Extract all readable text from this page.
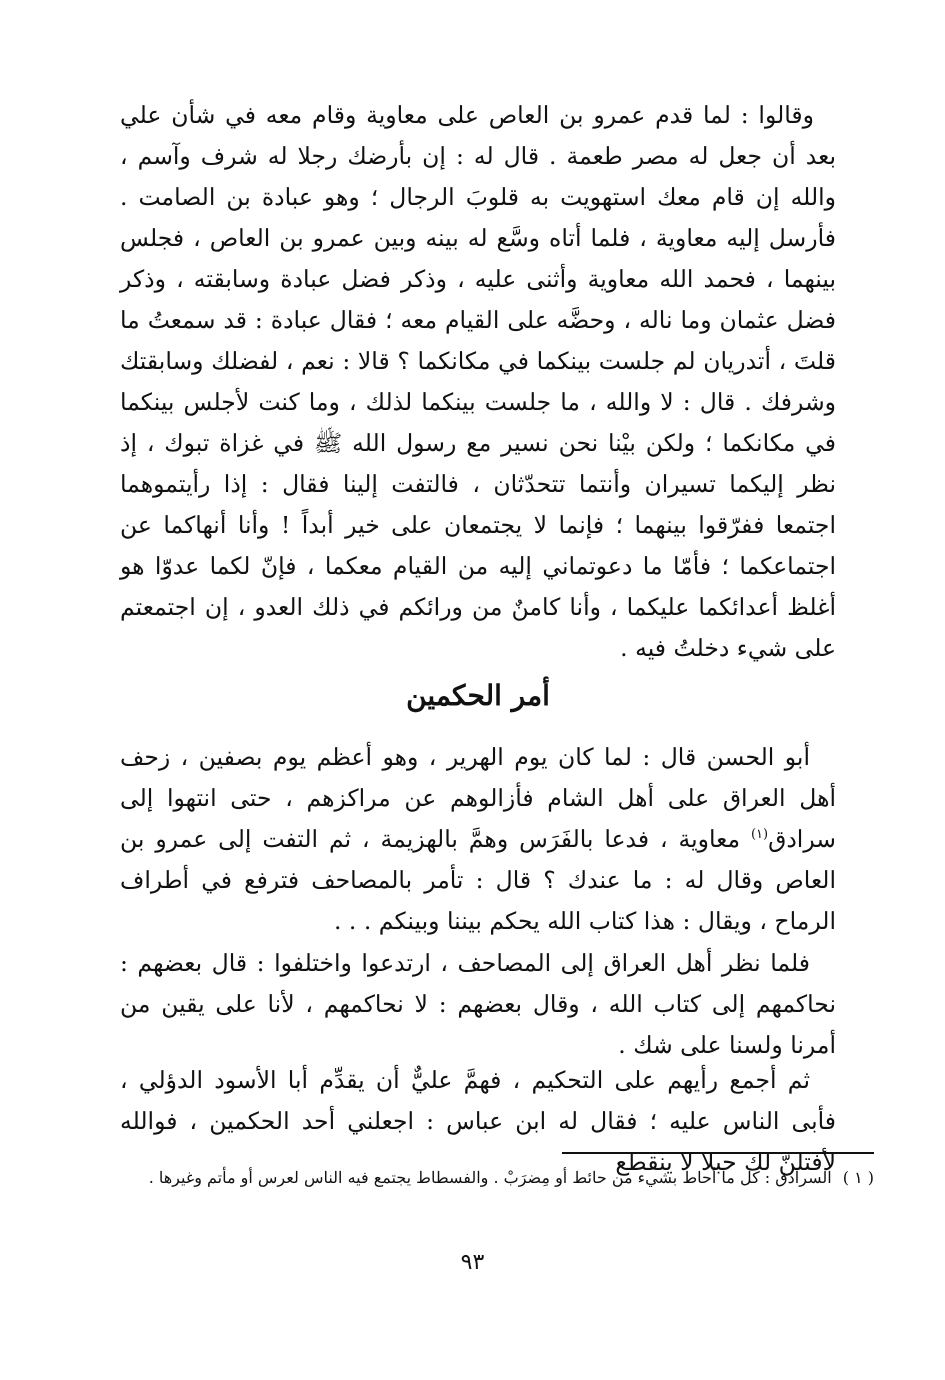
وقالوا : لما قدم عمرو بن العاص على معاوية وقام معه في شأن علي بعد أن جعل له مصر طعمة . قال له : إن بأرضك رجلا له شرف وآسم ، والله إن قام معك استهويت به قلوبَ الرجال ؛ وهو عبادة بن الصامت . فأرسل إليه معاوية ، فلما أتاه وسَّع له بينه وبين عمرو بن العاص ، فجلس بينهما ، فحمد الله معاوية وأثنى عليه ، وذكر فضل عبادة وسابقته ، وذكر فضل عثمان وما ناله ، وحضَّه على القيام معه ؛ فقال عبادة : قد سمعتُ ما قلتَ ، أتدريان لم جلست بينكما في مكانكما ؟ قالا : نعم ، لفضلك وسابقتك وشرفك . قال : لا والله ، ما جلست بينكما لذلك ، وما كنت لأجلس بينكما في مكانكما ؛ ولكن بيْنا نحن نسير مع رسول الله ﷺ في غزاة تبوك ، إذ نظر إليكما تسيران وأنتما تتحدّثان ، فالتفت إلينا فقال : إذا رأيتموهما اجتمعا ففرّقوا بينهما ؛ فإنما لا يجتمعان على خير أبداً ! وأنا أنهاكما عن اجتماعكما ؛ فأمّا ما دعوتماني إليه من القيام معكما ، فإنّ لكما عدوّا هو أغلظ أعدائكما عليكما ، وأنا كامنٌ من ورائكم في ذلك العدو ، إن اجتمعتم على شيء دخلتُ فيه .

أمر الحكمين

أبو الحسن قال : لما كان يوم الهرير ، وهو أعظم يوم بصفين ، زحف أهل العراق على أهل الشام فأزالوهم عن مراكزهم ، حتى انتهوا إلى سرادق$^{(١)}$ معاوية ، فدعا بالفَرَس وهمَّ بالهزيمة ، ثم التفت إلى عمرو بن العاص وقال له : ما عندك ؟ قال : تأمر بالمصاحف فترفع في أطراف الرماح ، ويقال : هذا كتاب الله يحكم بيننا وبينكم . . .

فلما نظر أهل العراق إلى المصاحف ، ارتدعوا واختلفوا : قال بعضهم : نحاكمهم إلى كتاب الله ، وقال بعضهم : لا نحاكمهم ، لأنا على يقين من أمرنا ولسنا على شك .

ثم أجمع رأيهم على التحكيم ، فهمَّ عليٌّ أن يقدِّم أبا الأسود الدؤلي ، فأبى الناس عليه ؛ فقال له ابن عباس : اجعلني أحد الحكمين ، فوالله لأفتلنّ لك حبلا لا ينقطع

( ١ ) السرادق : كل ما أحاط بشيء من حائط أو مِضرَبْ . والفسطاط يجتمع فيه الناس لعرس أو مأتم وغيرها .
٩٣
